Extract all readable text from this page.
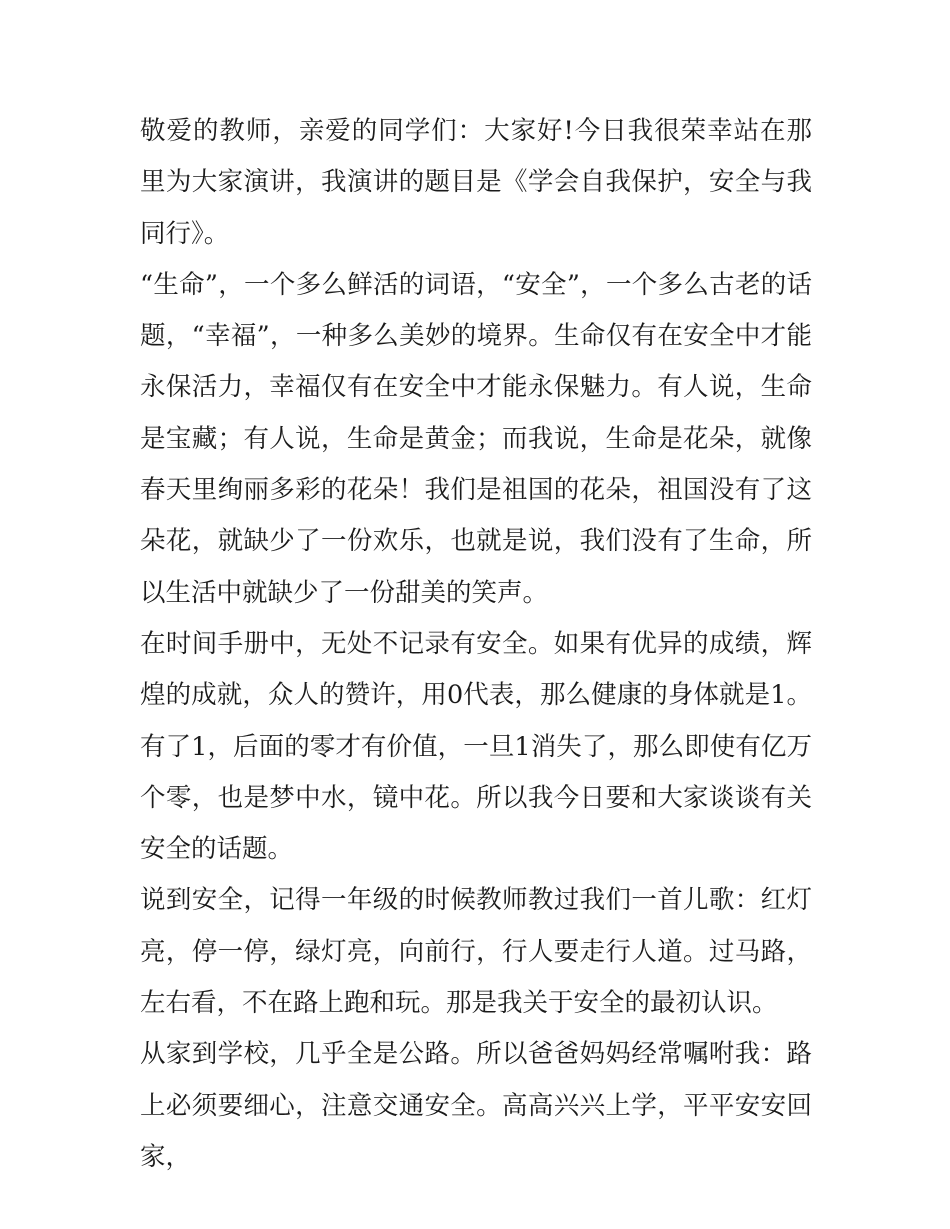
敬爱的教师，亲爱的同学们：大家好!今日我很荣幸站在那里为大家演讲，我演讲的题目是《学会自我保护，安全与我同行》。

“生命”，一个多么鲜活的词语，“安全”，一个多么古老的话题，“幸福”，一种多么美妙的境界。生命仅有在安全中才能永保活力，幸福仅有在安全中才能永保魅力。有人说，生命是宝藏；有人说，生命是黄金；而我说，生命是花朵，就像春天里绚丽多彩的花朵！我们是祖国的花朵，祖国没有了这朵花，就缺少了一份欢乐，也就是说，我们没有了生命，所以生活中就缺少了一份甜美的笑声。

在时间手册中，无处不记录有安全。如果有优异的成绩，辉煌的成就，众人的赞许，用0代表，那么健康的身体就是1。有了1，后面的零才有价值，一旦1消失了，那么即使有亿万个零，也是梦中水，镜中花。所以我今日要和大家谈谈有关安全的话题。

说到安全，记得一年级的时候教师教过我们一首儿歌：红灯亮，停一停，绿灯亮，向前行，行人要走行人道。过马路，左右看，不在路上跑和玩。那是我关于安全的最初认识。

从家到学校，几乎全是公路。所以爸爸妈妈经常嘱咐我：路上必须要细心，注意交通安全。高高兴兴上学，平平安安回家，
